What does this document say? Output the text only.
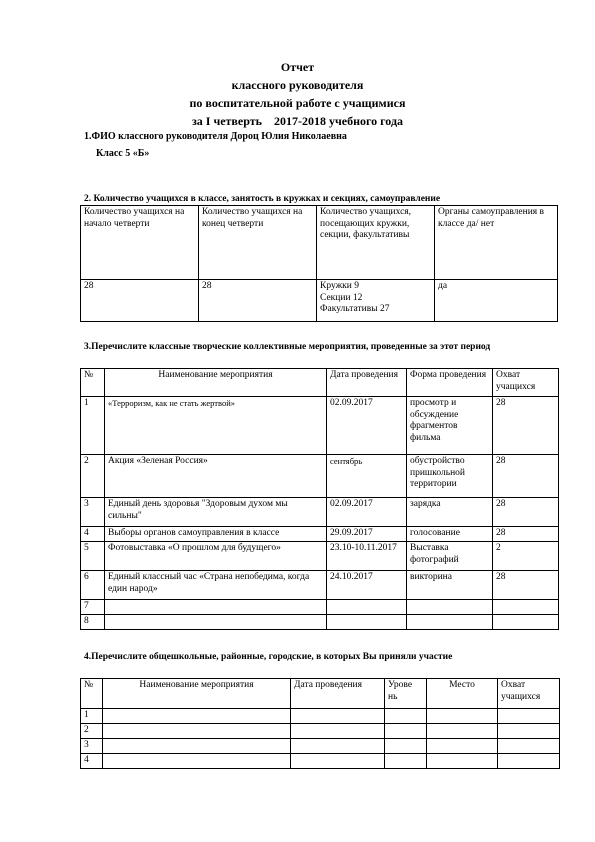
Отчет
классного руководителя
по воспитательной работе с учащимися
за I четверть    2017-2018 учебного года
1.ФИО классного руководителя Дороц Юлия Николаевна
Класс 5 «Б»
2. Количество учащихся в классе, занятость в кружках и секциях, самоуправление
Количество учащихся на начало четверти	Количество учащихся на конец четверти	Количество учащихся, посещающих кружки, секции, факультативы	Органы самоуправления в классе да/ нет
28	28	Кружки 9
Секции 12
Факультативы 27	да
3.Перечислите классные творческие коллективные мероприятия, проведенные за этот период
№	Наименование мероприятия	Дата проведения	Форма проведения	Охват учащихся
1	«Терроризм, как не стать жертвой»	02.09.2017	просмотр и обсуждение фрагментов фильма	28
2	Акция «Зеленая Россия»	сентябрь	обустройство пришкольной территории	28
3	Единый день здоровья "Здоровым духом мы сильны"	02.09.2017	зарядка	28
4	Выборы органов самоуправления в классе	29.09.2017	голосование	28
5	Фотовыставка «О прошлом для будущего»	23.10-10.11.2017	Выставка фотографий	2
6	Единый классный час «Страна непобедима, когда един народ»	24.10.2017	викторина	28
7				
8				
4.Перечислите общешкольные, районные, городские, в которых Вы приняли участие
№	Наименование мероприятия	Дата проведения	Урове нь	Место	Охват учащихся
1					
2					
3					
4					
